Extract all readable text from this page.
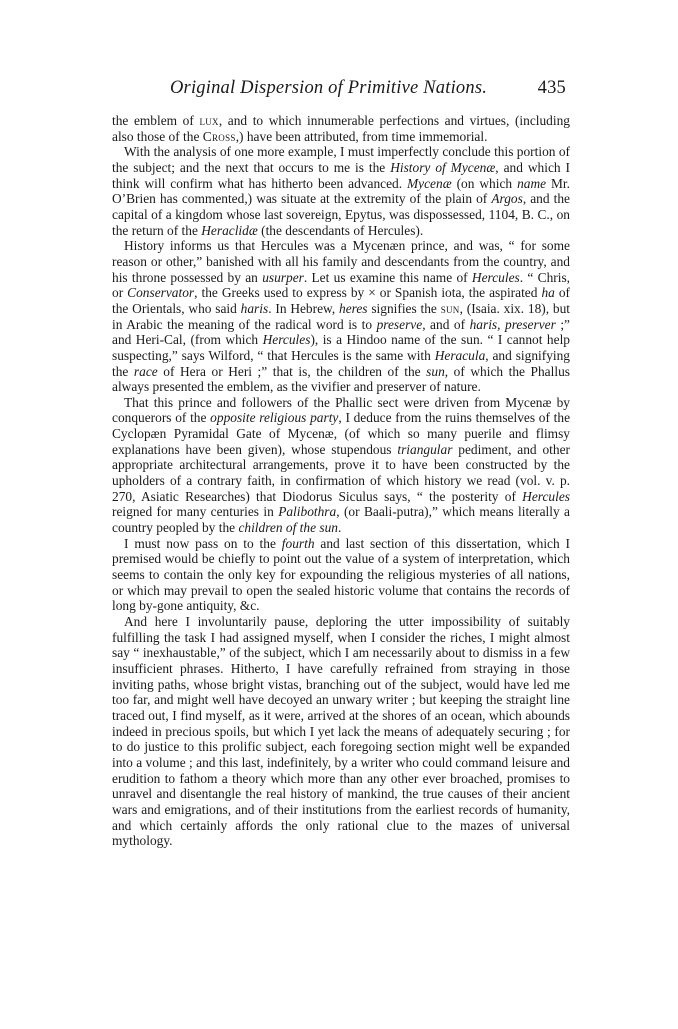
Original Dispersion of Primitive Nations.	435

the emblem of lux, and to which innumerable perfections and virtues, (including also those of the Cross,) have been attributed, from time immemorial.

With the analysis of one more example, I must imperfectly conclude this portion of the subject; and the next that occurs to me is the History of Mycenæ, and which I think will confirm what has hitherto been advanced. Mycenæ (on which name Mr. O’Brien has commented,) was situate at the extremity of the plain of Argos, and the capital of a kingdom whose last sovereign, Epytus, was dispossessed, 1104, B. C., on the return of the Heraclidæ (the descendants of Hercules).

History informs us that Hercules was a Mycenæn prince, and was, “ for some reason or other,” banished with all his family and descendants from the country, and his throne possessed by an usurper. Let us examine this name of Hercules. “ Chris, or Conservator, the Greeks used to express by × or Spanish iota, the aspirated ha of the Orientals, who said haris. In Hebrew, heres signifies the sun, (Isaia. xix. 18), but in Arabic the meaning of the radical word is to preserve, and of haris, preserver ;” and Heri-Cal, (from which Hercules), is a Hindoo name of the sun. “ I cannot help suspecting,” says Wilford, “ that Hercules is the same with Heracula, and signifying the race of Hera or Heri ;” that is, the children of the sun, of which the Phallus always presented the emblem, as the vivifier and preserver of nature.

That this prince and followers of the Phallic sect were driven from Mycenæ by conquerors of the opposite religious party, I deduce from the ruins themselves of the Cyclopæn Pyramidal Gate of Mycenæ, (of which so many puerile and flimsy explanations have been given), whose stupendous triangular pediment, and other appropriate architectural arrangements, prove it to have been constructed by the upholders of a contrary faith, in confirmation of which history we read (vol. v. p. 270, Asiatic Researches) that Diodorus Siculus says, “ the posterity of Hercules reigned for many centuries in Palibothra, (or Baali-putra),” which means literally a country peopled by the children of the sun.

I must now pass on to the fourth and last section of this dissertation, which I premised would be chiefly to point out the value of a system of interpretation, which seems to contain the only key for expounding the religious mysteries of all nations, or which may prevail to open the sealed historic volume that contains the records of long by-gone antiquity, &c.

And here I involuntarily pause, deploring the utter impossibility of suitably fulfilling the task I had assigned myself, when I consider the riches, I might almost say “ inexhaustable,” of the subject, which I am necessarily about to dismiss in a few insufficient phrases. Hitherto, I have carefully refrained from straying in those inviting paths, whose bright vistas, branching out of the subject, would have led me too far, and might well have decoyed an unwary writer ; but keeping the straight line traced out, I find myself, as it were, arrived at the shores of an ocean, which abounds indeed in precious spoils, but which I yet lack the means of adequately securing ; for to do justice to this prolific subject, each foregoing section might well be expanded into a volume ; and this last, indefinitely, by a writer who could command leisure and erudition to fathom a theory which more than any other ever broached, promises to unravel and disentangle the real history of mankind, the true causes of their ancient wars and emigrations, and of their institutions from the earliest records of humanity, and which certainly affords the only rational clue to the mazes of universal mythology.
